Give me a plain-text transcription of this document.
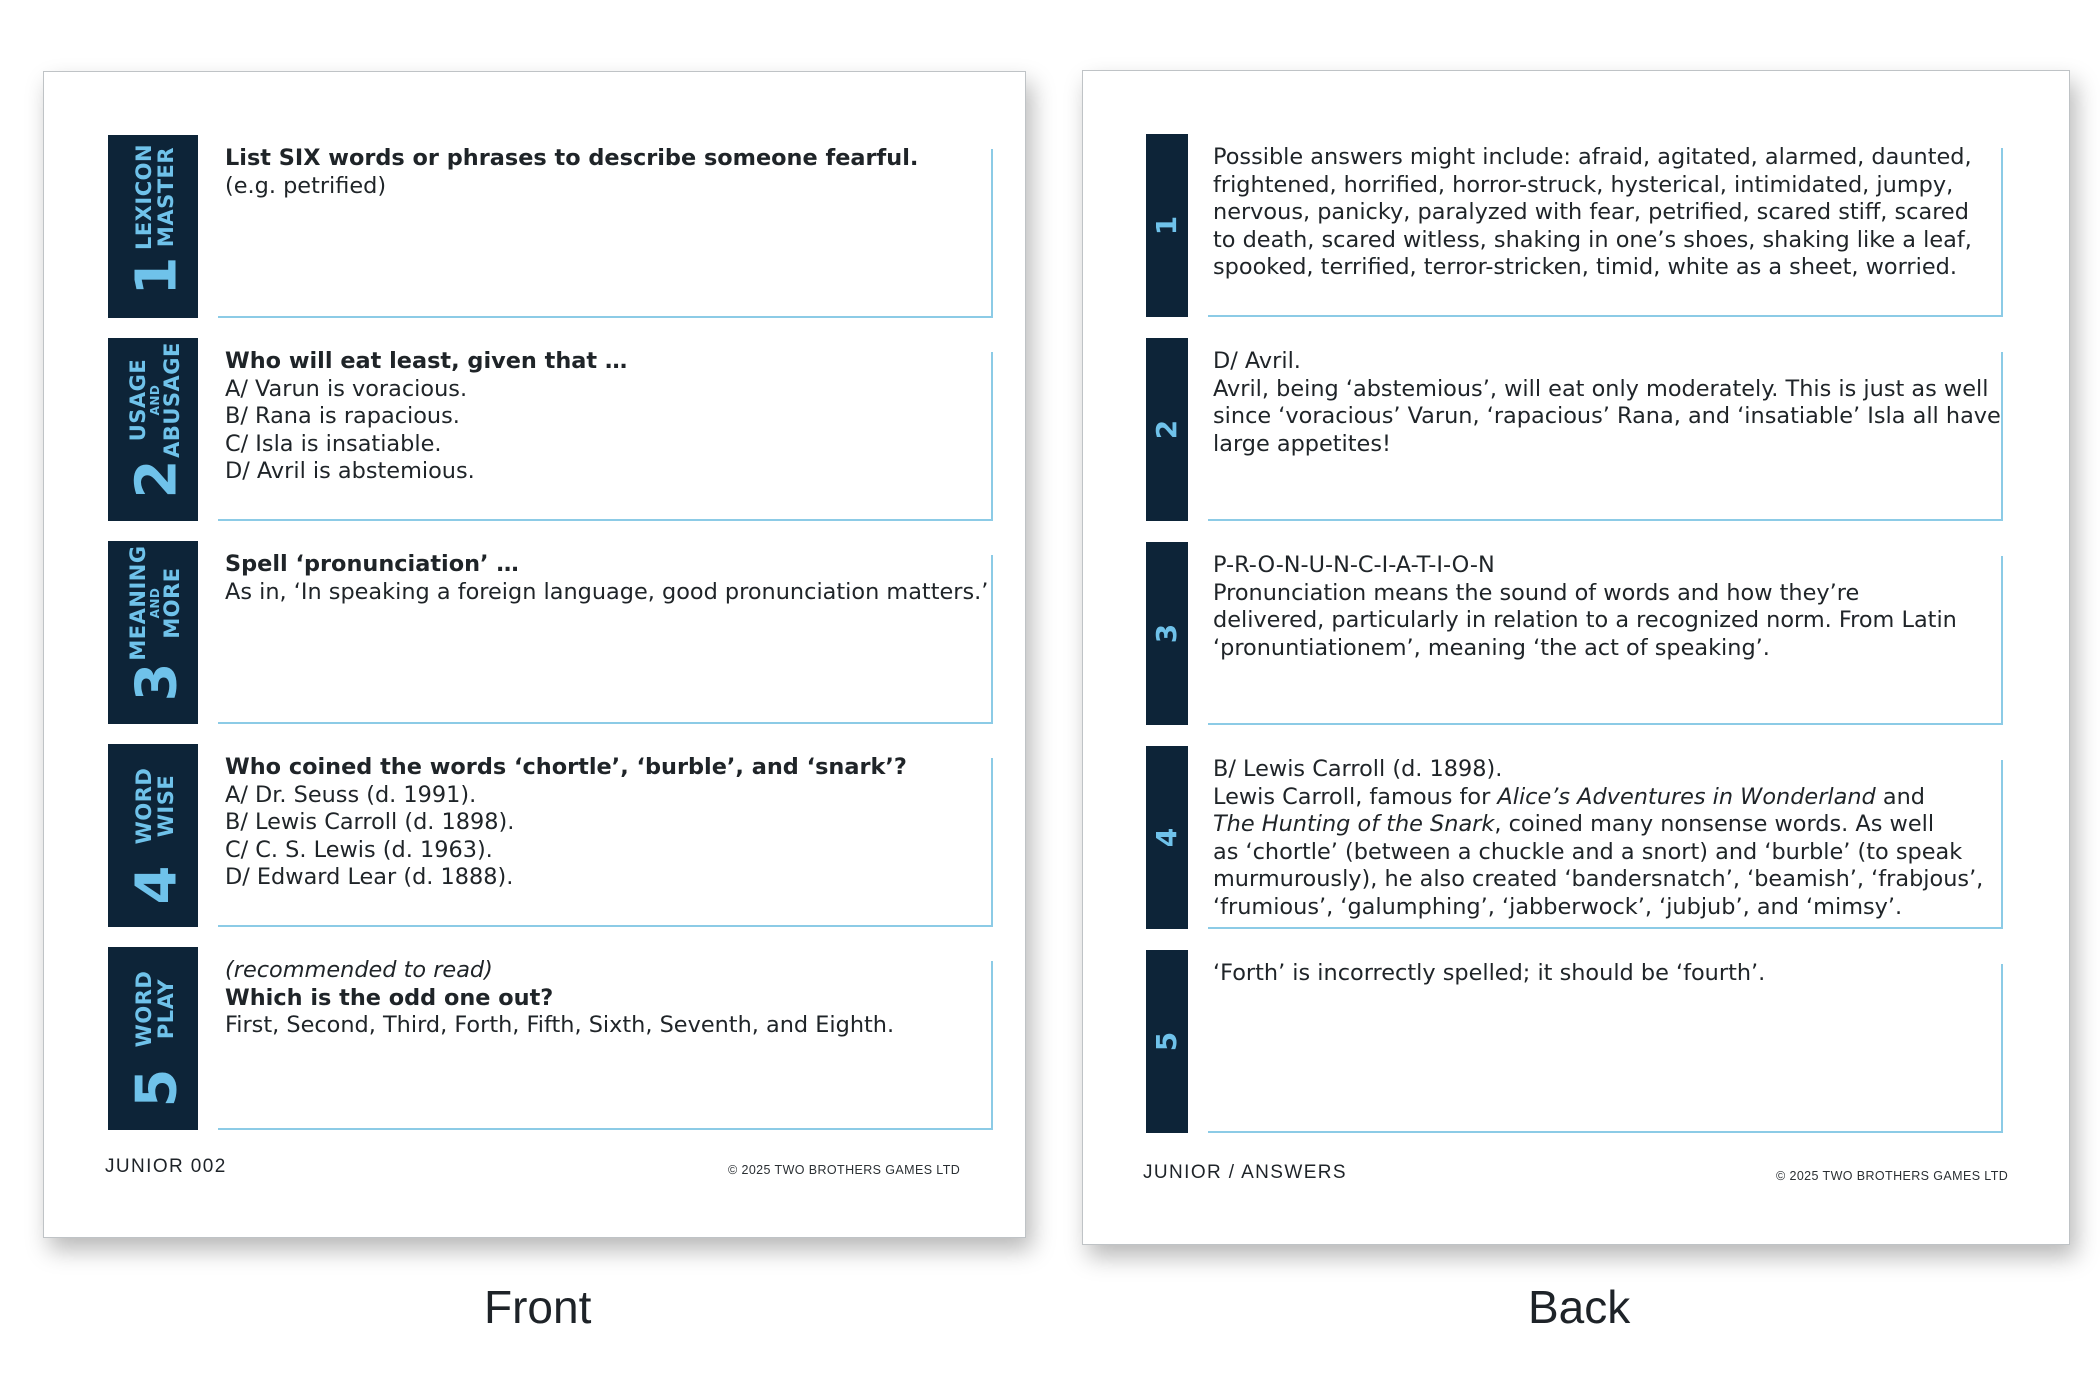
LEXICON
MASTER
1
List SIX words or phrases to describe someone fearful.
(e.g. petrified)
USAGE
AND
ABUSAGE
2
Who will eat least, given that …
A/ Varun is voracious.
B/ Rana is rapacious.
C/ Isla is insatiable.
D/ Avril is abstemious.
MEANING
AND
MORE
3
Spell ‘pronunciation’ …
As in, ‘In speaking a foreign language, good pronunciation matters.’
WORD
WISE
4
Who coined the words ‘chortle’, ‘burble’, and ‘snark’?
A/ Dr. Seuss (d. 1991).
B/ Lewis Carroll (d. 1898).
C/ C. S. Lewis (d. 1963).
D/ Edward Lear (d. 1888).
WORD
PLAY
5
(recommended to read)
Which is the odd one out?
First, Second, Third, Forth, Fifth, Sixth, Seventh, and Eighth.
JUNIOR 002	© 2025 TWO BROTHERS GAMES LTD
1
Possible answers might include: afraid, agitated, alarmed, daunted,
frightened, horrified, horror-struck, hysterical, intimidated, jumpy,
nervous, panicky, paralyzed with fear, petrified, scared stiff, scared
to death, scared witless, shaking in one’s shoes, shaking like a leaf,
spooked, terrified, terror-stricken, timid, white as a sheet, worried.
2
D/ Avril.
Avril, being ‘abstemious’, will eat only moderately. This is just as well
since ‘voracious’ Varun, ‘rapacious’ Rana, and ‘insatiable’ Isla all have
large appetites!
3
P-R-O-N-U-N-C-I-A-T-I-O-N
Pronunciation means the sound of words and how they’re
delivered, particularly in relation to a recognized norm. From Latin
‘pronuntiationem’, meaning ‘the act of speaking’.
4
B/ Lewis Carroll (d. 1898).
Lewis Carroll, famous for Alice’s Adventures in Wonderland and
The Hunting of the Snark, coined many nonsense words. As well
as ‘chortle’ (between a chuckle and a snort) and ‘burble’ (to speak
murmurously), he also created ‘bandersnatch’, ‘beamish’, ‘frabjous’,
‘frumious’, ‘galumphing’, ‘jabberwock’, ‘jubjub’, and ‘mimsy’.
5
‘Forth’ is incorrectly spelled; it should be ‘fourth’.
JUNIOR / ANSWERS	© 2025 TWO BROTHERS GAMES LTD
Front	Back
